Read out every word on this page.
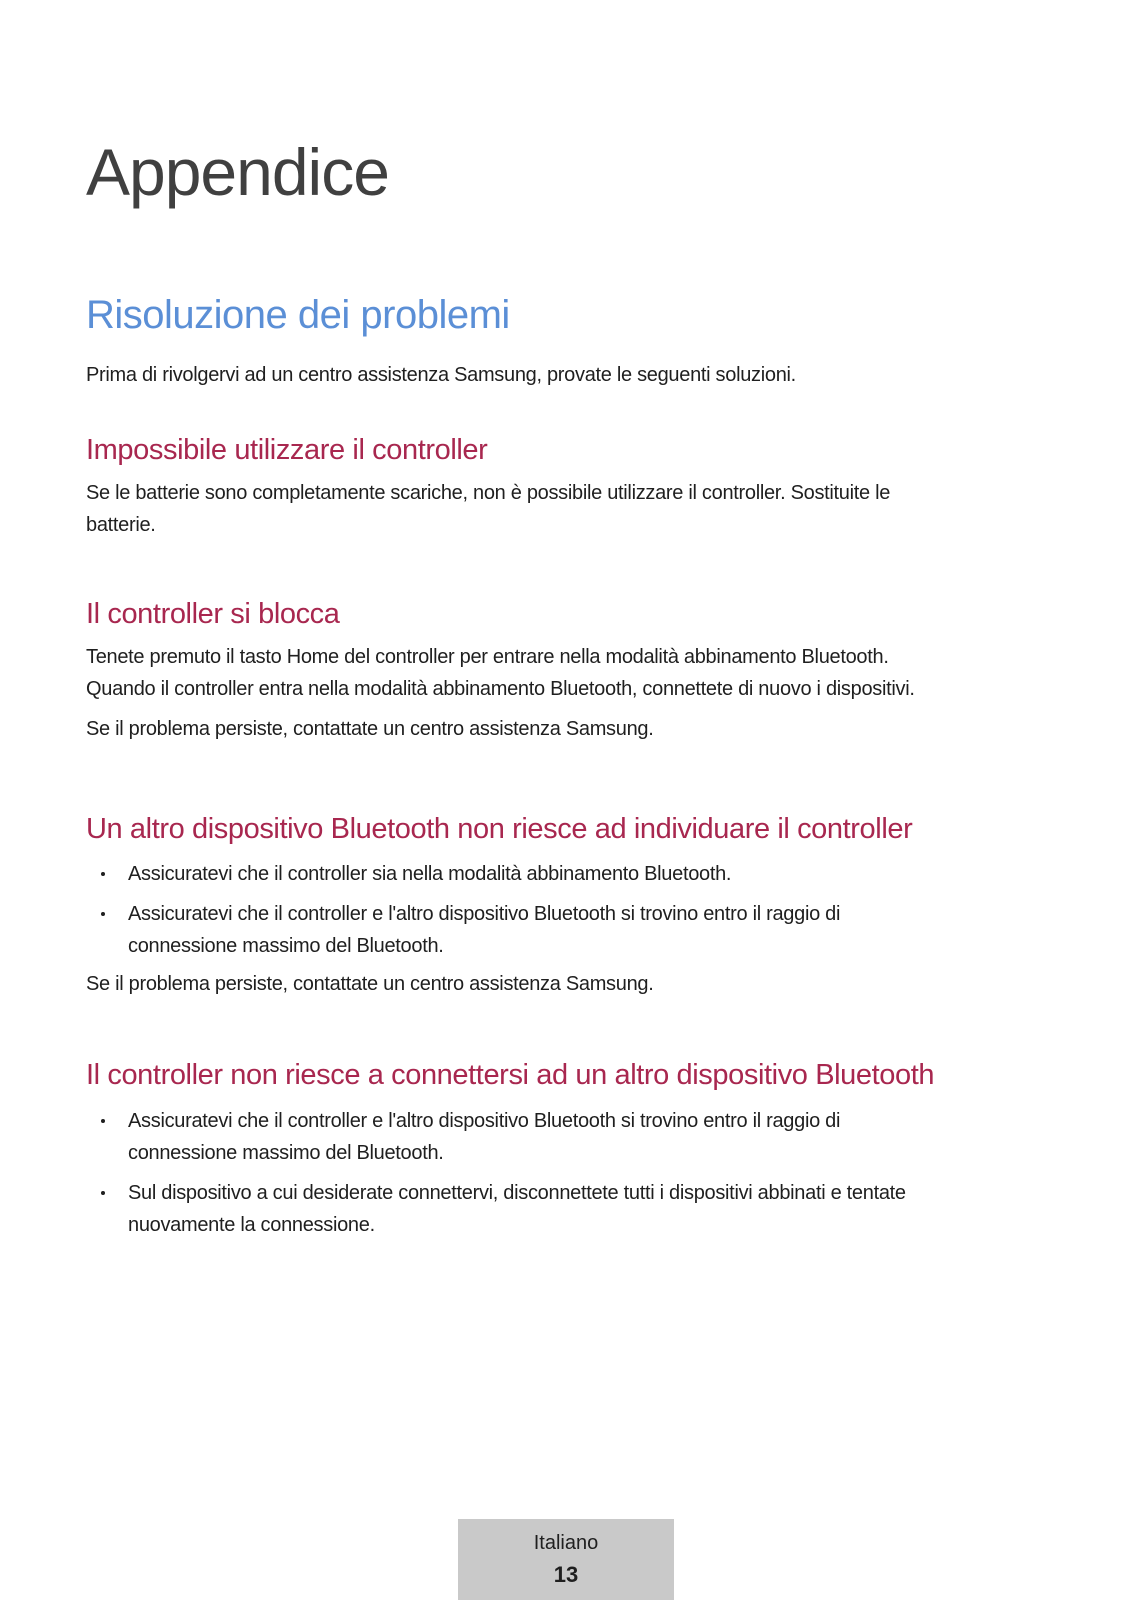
Appendice
Risoluzione dei problemi

Prima di rivolgervi ad un centro assistenza Samsung, provate le seguenti soluzioni.

Impossibile utilizzare il controller

Se le batterie sono completamente scariche, non è possibile utilizzare il controller. Sostituite le
batterie.

Il controller si blocca

Tenete premuto il tasto Home del controller per entrare nella modalità abbinamento Bluetooth.
Quando il controller entra nella modalità abbinamento Bluetooth, connettete di nuovo i dispositivi.

Se il problema persiste, contattate un centro assistenza Samsung.

Un altro dispositivo Bluetooth non riesce ad individuare il controller
Assicuratevi che il controller sia nella modalità abbinamento Bluetooth.
Assicuratevi che il controller e l'altro dispositivo Bluetooth si trovino entro il raggio di
connessione massimo del Bluetooth.

Se il problema persiste, contattate un centro assistenza Samsung.

Il controller non riesce a connettersi ad un altro dispositivo Bluetooth
Assicuratevi che il controller e l'altro dispositivo Bluetooth si trovino entro il raggio di
connessione massimo del Bluetooth.
Sul dispositivo a cui desiderate connettervi, disconnettete tutti i dispositivi abbinati e tentate
nuovamente la connessione.
Italiano
13
